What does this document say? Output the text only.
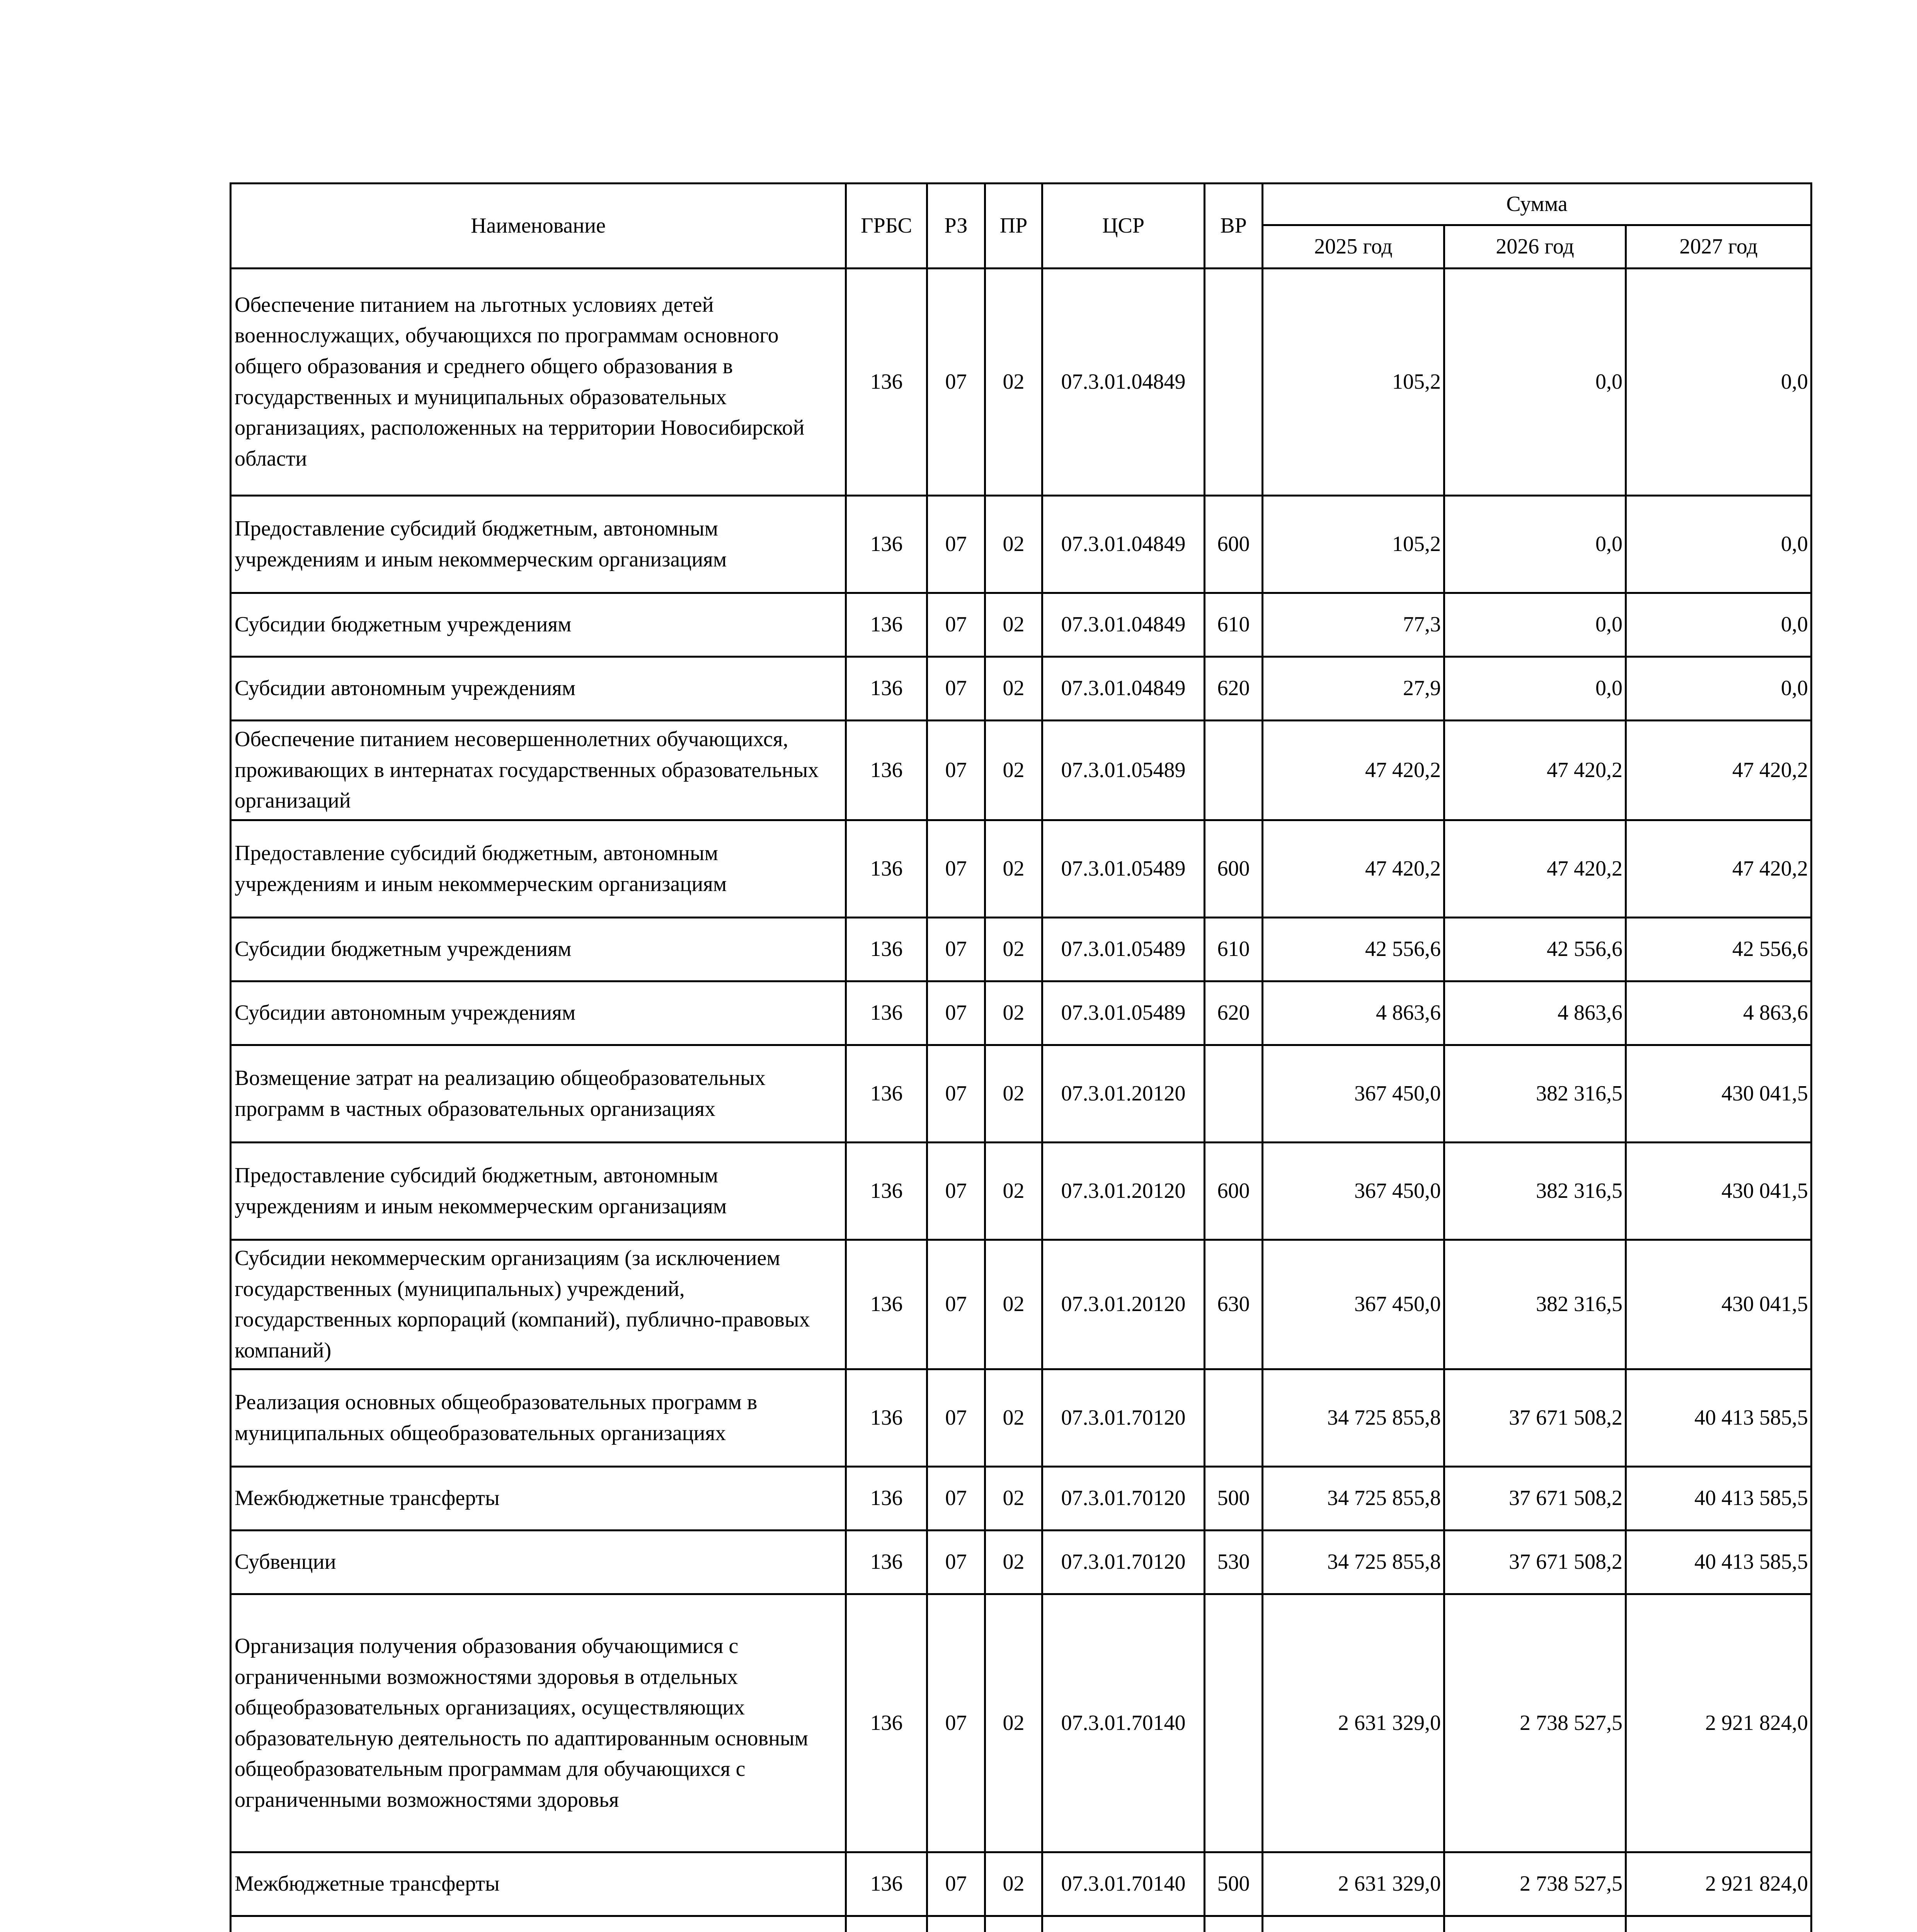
Наименование	ГРБС	РЗ	ПР	ЦСР	ВР	Сумма		
						2025 год	2026 год	2027 год
Обеспечение питанием на льготных условиях детей военнослужащих, обучающихся по программам основного общего образования и среднего общего образования в государственных и муниципальных образовательных организациях, расположенных на территории Новосибирской области	136	07	02	07.3.01.04849		105,2	0,0	0,0
Предоставление субсидий бюджетным, автономным учреждениям и иным некоммерческим организациям	136	07	02	07.3.01.04849	600	105,2	0,0	0,0
Субсидии бюджетным учреждениям	136	07	02	07.3.01.04849	610	77,3	0,0	0,0
Субсидии автономным учреждениям	136	07	02	07.3.01.04849	620	27,9	0,0	0,0
Обеспечение питанием несовершеннолетних обучающихся, проживающих в интернатах государственных образовательных организаций	136	07	02	07.3.01.05489		47 420,2	47 420,2	47 420,2
Предоставление субсидий бюджетным, автономным учреждениям и иным некоммерческим организациям	136	07	02	07.3.01.05489	600	47 420,2	47 420,2	47 420,2
Субсидии бюджетным учреждениям	136	07	02	07.3.01.05489	610	42 556,6	42 556,6	42 556,6
Субсидии автономным учреждениям	136	07	02	07.3.01.05489	620	4 863,6	4 863,6	4 863,6
Возмещение затрат на реализацию общеобразовательных программ в частных образовательных организациях	136	07	02	07.3.01.20120		367 450,0	382 316,5	430 041,5
Предоставление субсидий бюджетным, автономным учреждениям и иным некоммерческим организациям	136	07	02	07.3.01.20120	600	367 450,0	382 316,5	430 041,5
Субсидии некоммерческим организациям (за исключением государственных (муниципальных) учреждений, государственных корпораций (компаний), публично-правовых компаний)	136	07	02	07.3.01.20120	630	367 450,0	382 316,5	430 041,5
Реализация основных общеобразовательных программ в муниципальных общеобразовательных организациях	136	07	02	07.3.01.70120		34 725 855,8	37 671 508,2	40 413 585,5
Межбюджетные трансферты	136	07	02	07.3.01.70120	500	34 725 855,8	37 671 508,2	40 413 585,5
Субвенции	136	07	02	07.3.01.70120	530	34 725 855,8	37 671 508,2	40 413 585,5
Организация получения образования обучающимися с ограниченными возможностями здоровья в отдельных общеобразовательных организациях, осуществляющих образовательную деятельность по адаптированным основным общеобразовательным программам для обучающихся с ограниченными возможностями здоровья	136	07	02	07.3.01.70140		2 631 329,0	2 738 527,5	2 921 824,0
Межбюджетные трансферты	136	07	02	07.3.01.70140	500	2 631 329,0	2 738 527,5	2 921 824,0
